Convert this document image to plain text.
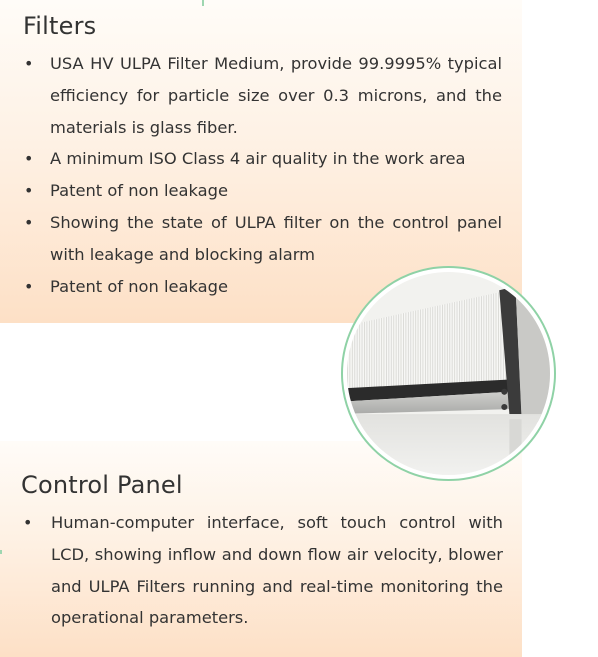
Filters
• USA HV ULPA Filter Medium, provide 99.9995% typical efficiency for particle size over 0.3 microns, and the materials is glass fiber.
• A minimum ISO Class 4 air quality in the work area
• Patent of non leakage
• Showing the state of ULPA filter on the control panel with leakage and blocking alarm
• Patent of non leakage
Control Panel
• Human-computer interface, soft touch control with LCD, showing inflow and down flow air velocity, blower and ULPA Filters running and real-time monitoring the operational parameters.
